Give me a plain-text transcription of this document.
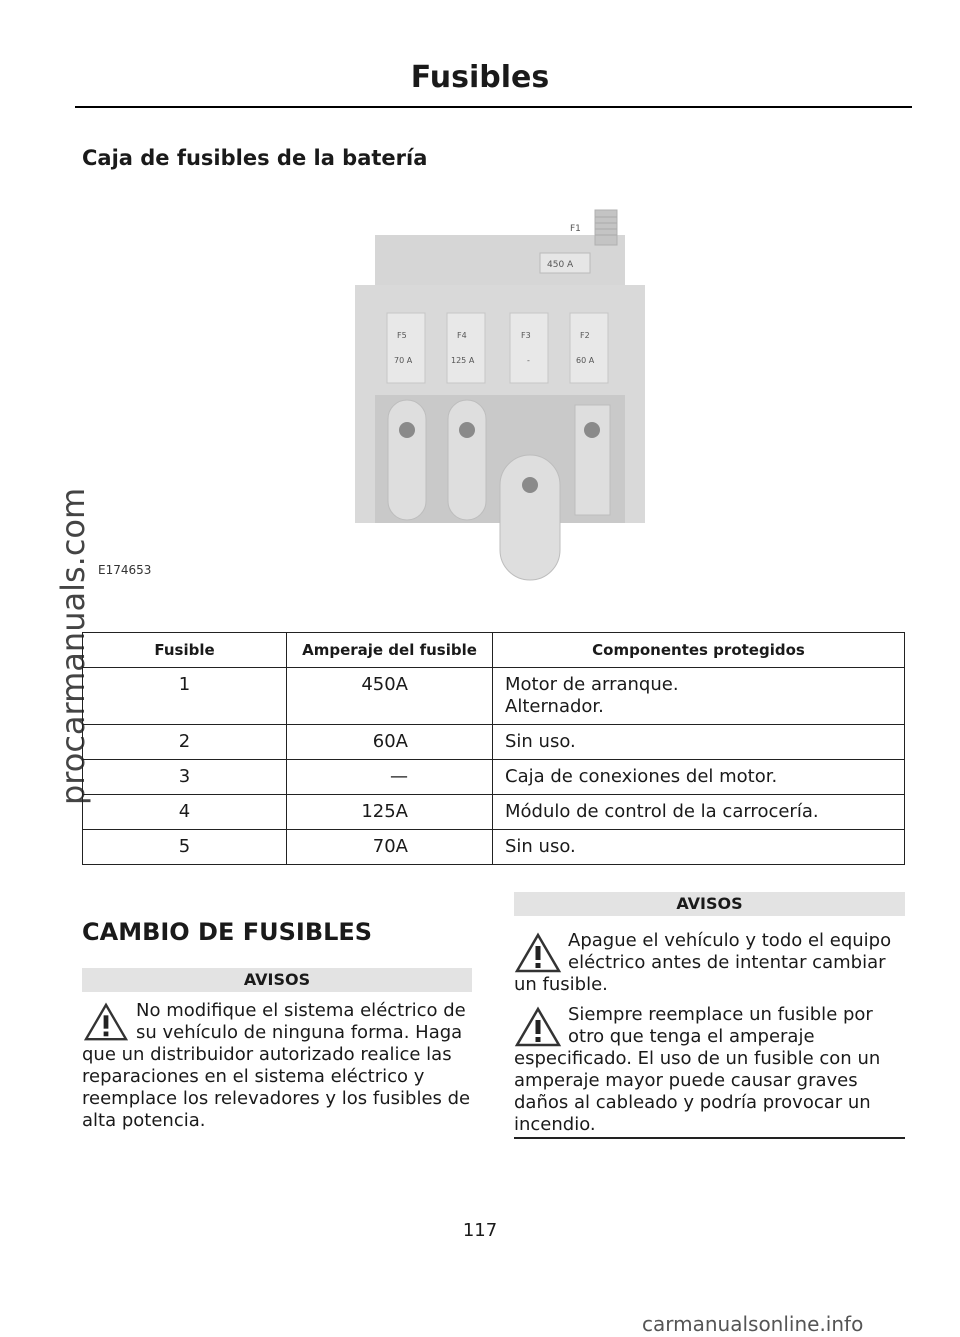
Fusibles
Caja de fusibles de la batería
procarmanuals.com
F1
450 A
F5
70 A
F4
125 A
F3
-
F2
60 A
E174653
Fusible	Amperaje del fusible	Componentes protegidos
1	450A	Motor de arranque.
Alternador.

2	60A	Sin uso.
3	—	Caja de conexiones del motor.
4	125A	Módulo de control de la carrocería.
5	70A	Sin uso.
CAMBIO DE FUSIBLES
AVISOS
No modifique el sistema eléctrico de su vehículo de ninguna forma. Haga que un distribuidor autorizado realice las reparaciones en el sistema eléctrico y reemplace los relevadores y los fusibles de alta potencia.
AVISOS
Apague el vehículo y todo el equipo eléctrico antes de intentar cambiar un fusible.
Siempre reemplace un fusible por otro que tenga el amperaje especificado. El uso de un fusible con un amperaje mayor puede causar graves daños al cableado y podría provocar un incendio.
117
carmanualsonline.info
